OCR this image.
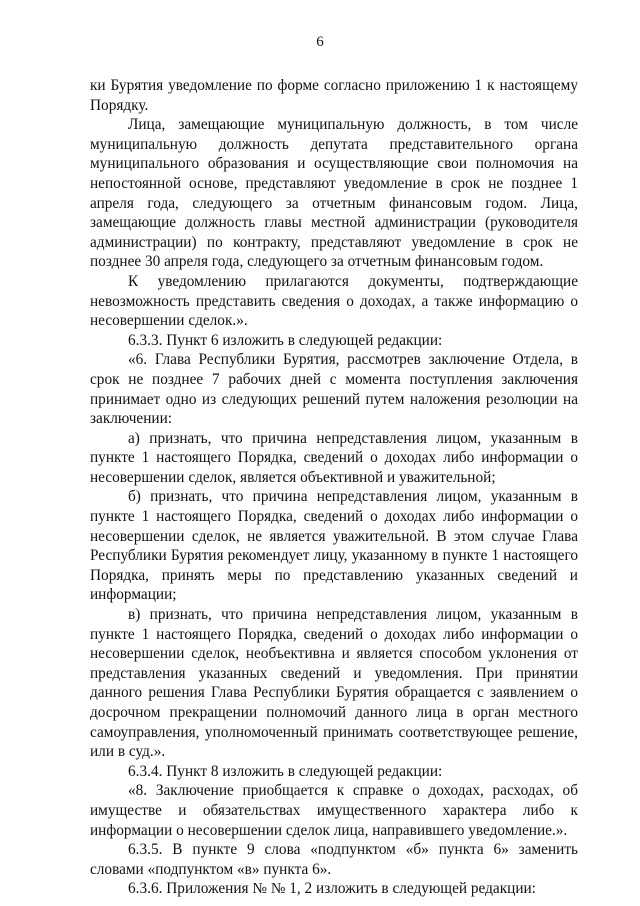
6

ки Бурятия уведомление по форме согласно приложению 1 к настоящему Порядку.

Лица, замещающие муниципальную должность, в том числе муниципальную должность депутата представительного органа муниципального образования и осуществляющие свои полномочия на непостоянной основе, представляют уведомление в срок не позднее 1 апреля года, следующего за отчетным финансовым годом. Лица, замещающие должность главы местной администрации (руководителя администрации) по контракту, представляют уведомление в срок не позднее 30 апреля года, следующего за отчетным финансовым годом.

К уведомлению прилагаются документы, подтверждающие невозможность представить сведения о доходах, а также информацию о несовершении сделок.».

6.3.3. Пункт 6 изложить в следующей редакции:

«6. Глава Республики Бурятия, рассмотрев заключение Отдела, в срок не позднее 7 рабочих дней с момента поступления заключения принимает одно из следующих решений путем наложения резолюции на заключении:

а) признать, что причина непредставления лицом, указанным в пункте 1 настоящего Порядка, сведений о доходах либо информации о несовершении сделок, является объективной и уважительной;

б) признать, что причина непредставления лицом, указанным в пункте 1 настоящего Порядка, сведений о доходах либо информации о несовершении сделок, не является уважительной. В этом случае Глава Республики Бурятия рекомендует лицу, указанному в пункте 1 настоящего Порядка, принять меры по представлению указанных сведений и информации;

в) признать, что причина непредставления лицом, указанным в пункте 1 настоящего Порядка, сведений о доходах либо информации о несовершении сделок, необъективна и является способом уклонения от представления указанных сведений и уведомления. При принятии данного решения Глава Республики Бурятия обращается с заявлением о досрочном прекращении полномочий данного лица в орган местного самоуправления, уполномоченный принимать соответствующее решение, или в суд.».

6.3.4. Пункт 8 изложить в следующей редакции:

«8. Заключение приобщается к справке о доходах, расходах, об имуществе и обязательствах имущественного характера либо к информации о несовершении сделок лица, направившего уведомление.».

6.3.5. В пункте 9 слова «подпунктом «б» пункта 6» заменить словами «подпунктом «в» пункта 6».

6.3.6. Приложения № № 1, 2 изложить в следующей редакции:
